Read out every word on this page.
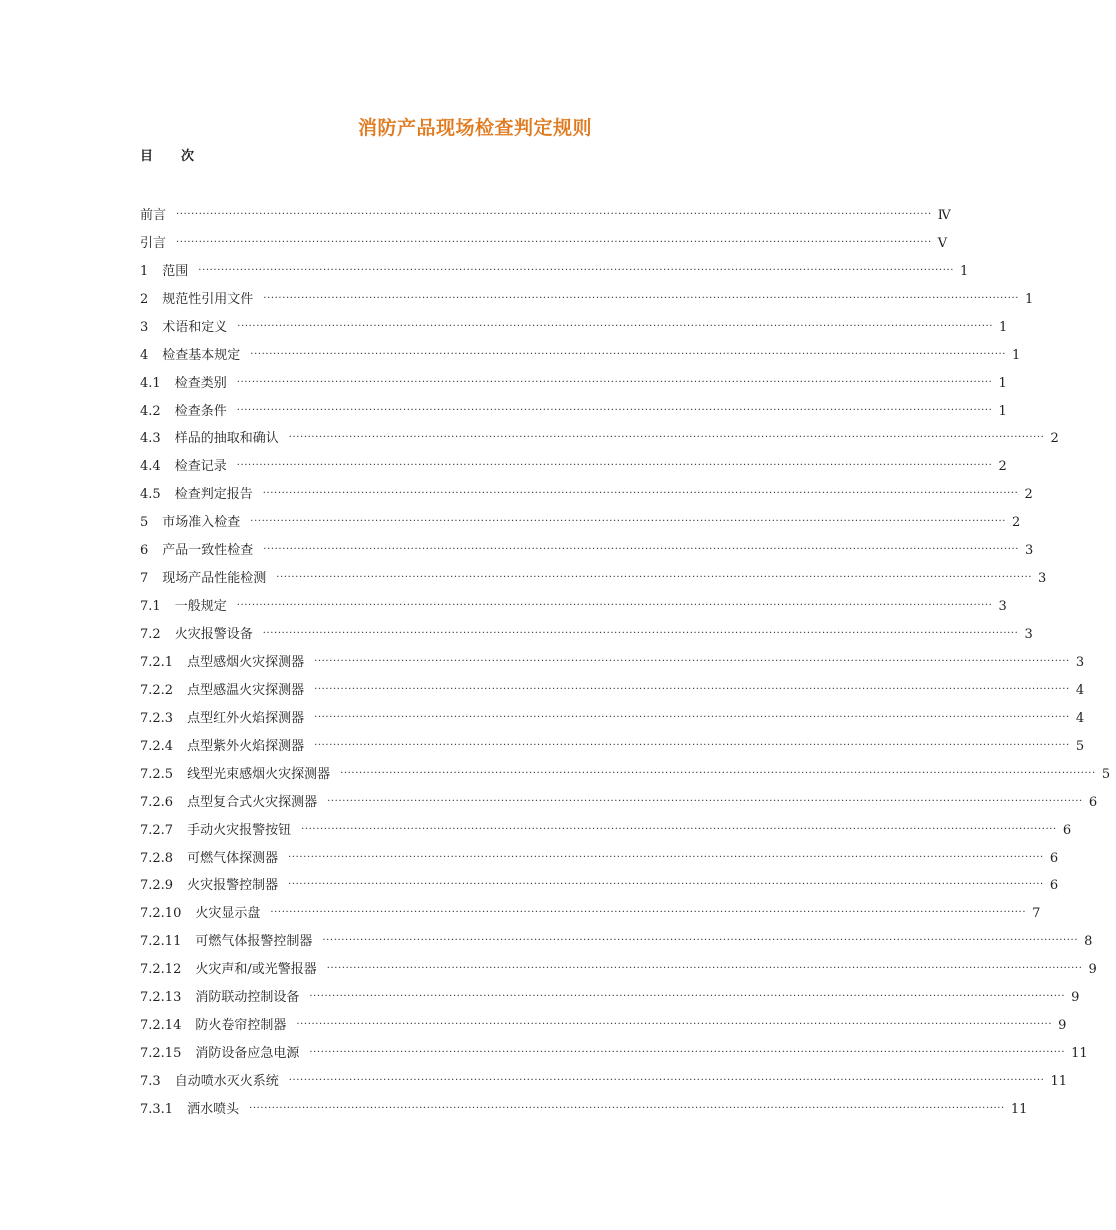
消防产品现场检查判定规则
目 次
前言 ········································································································································································································ Ⅳ
引言 ········································································································································································································ Ⅴ
1 范围 ········································································································································································································ 1
2 规范性引用文件 ········································································································································································································ 1
3 术语和定义 ········································································································································································································ 1
4 检查基本规定 ········································································································································································································ 1
4.1 检查类别 ········································································································································································································ 1
4.2 检查条件 ········································································································································································································ 1
4.3 样品的抽取和确认 ········································································································································································································ 2
4.4 检查记录 ········································································································································································································ 2
4.5 检查判定报告 ········································································································································································································ 2
5 市场准入检查 ········································································································································································································ 2
6 产品一致性检查 ········································································································································································································ 3
7 现场产品性能检测 ········································································································································································································ 3
7.1 一般规定 ········································································································································································································ 3
7.2 火灾报警设备 ········································································································································································································ 3
7.2.1 点型感烟火灾探测器 ········································································································································································································ 3
7.2.2 点型感温火灾探测器 ········································································································································································································ 4
7.2.3 点型红外火焰探测器 ········································································································································································································ 4
7.2.4 点型紫外火焰探测器 ········································································································································································································ 5
7.2.5 线型光束感烟火灾探测器 ········································································································································································································ 5
7.2.6 点型复合式火灾探测器 ········································································································································································································ 6
7.2.7 手动火灾报警按钮 ········································································································································································································ 6
7.2.8 可燃气体探测器 ········································································································································································································ 6
7.2.9 火灾报警控制器 ········································································································································································································ 6
7.2.10 火灾显示盘 ········································································································································································································ 7
7.2.11 可燃气体报警控制器 ········································································································································································································ 8
7.2.12 火灾声和/或光警报器 ········································································································································································································ 9
7.2.13 消防联动控制设备 ········································································································································································································ 9
7.2.14 防火卷帘控制器 ········································································································································································································ 9
7.2.15 消防设备应急电源 ········································································································································································································ 11
7.3 自动喷水灭火系统 ········································································································································································································ 11
7.3.1 洒水喷头 ········································································································································································································ 11
